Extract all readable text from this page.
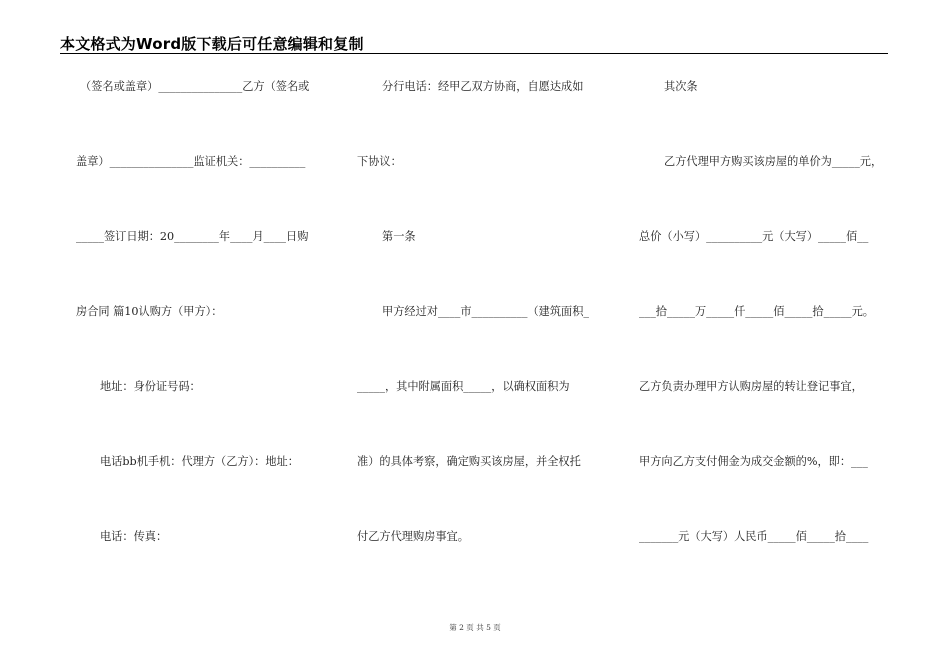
本文格式为Word版下载后可任意编辑和复制
（签名或盖章）_______________乙方（签名或
盖章）_______________监证机关：__________
_____签订日期：20________年____月____日购
房合同 篇10认购方（甲方）：
地址：身份证号码：
电话bb机手机：代理方（乙方）：地址：
电话：传真：
分行电话：经甲乙双方协商，自愿达成如
下协议：
第一条
甲方经过对____市__________（建筑面积_
_____，其中附属面积_____，以确权面积为
准）的具体考察，确定购买该房屋，并全权托
付乙方代理购房事宜。
其次条
乙方代理甲方购买该房屋的单价为_____元，
总价（小写）__________元（大写）_____佰__
___拾_____万_____仟_____佰_____拾_____元。
乙方负责办理甲方认购房屋的转让登记事宜，
甲方向乙方支付佣金为成交金额的%，即：___
_______元（大写）人民币_____佰_____拾____
第 2 页 共 5 页
